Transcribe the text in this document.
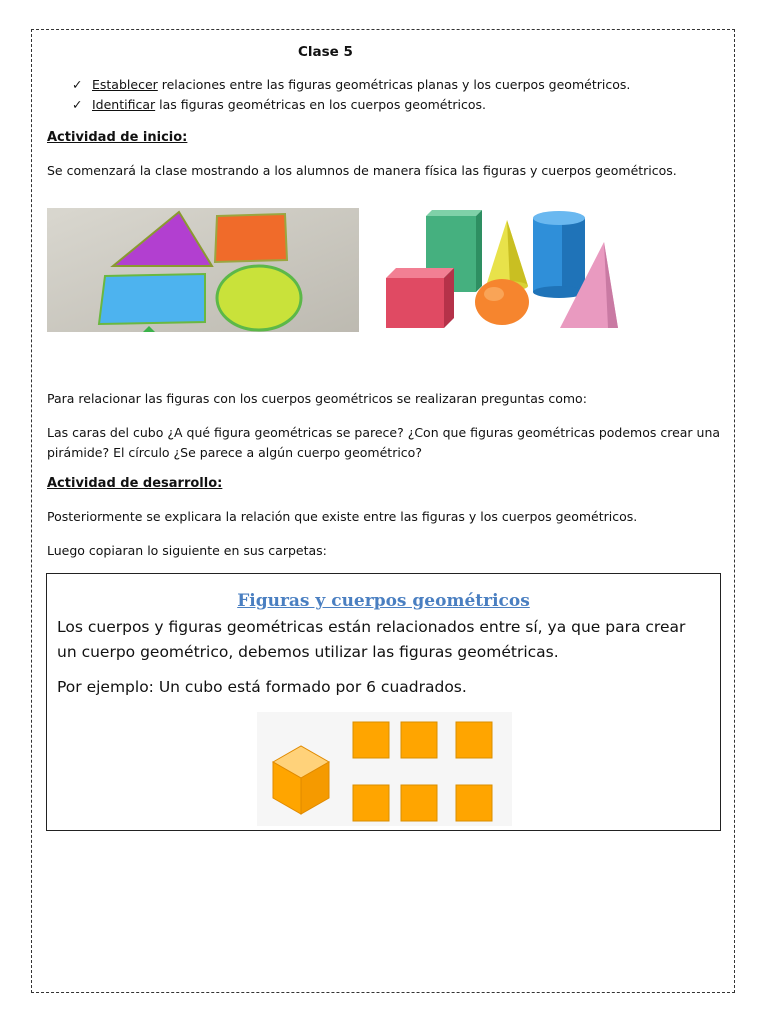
Clase 5
✓ Establecer relaciones entre las figuras geométricas planas y los cuerpos geométricos.
✓ Identificar las figuras geométricas en los cuerpos geométricos.
Actividad de inicio:
Se comenzará la clase mostrando a los alumnos de manera física las figuras y cuerpos geométricos.
Para relacionar las figuras con los cuerpos geométricos se realizaran preguntas como:
Las caras del cubo ¿A qué figura geométricas se parece? ¿Con que figuras geométricas podemos crear una pirámide? El círculo ¿Se parece a algún cuerpo geométrico?
Actividad de desarrollo:
Posteriormente se explicara la relación que existe entre las figuras y los cuerpos geométricos.
Luego copiaran lo siguiente en sus carpetas:
Figuras y cuerpos geométricos
Los cuerpos y figuras geométricas están relacionados entre sí, ya que para crear un cuerpo geométrico, debemos utilizar las figuras geométricas.
Por ejemplo: Un cubo está formado por 6 cuadrados.
